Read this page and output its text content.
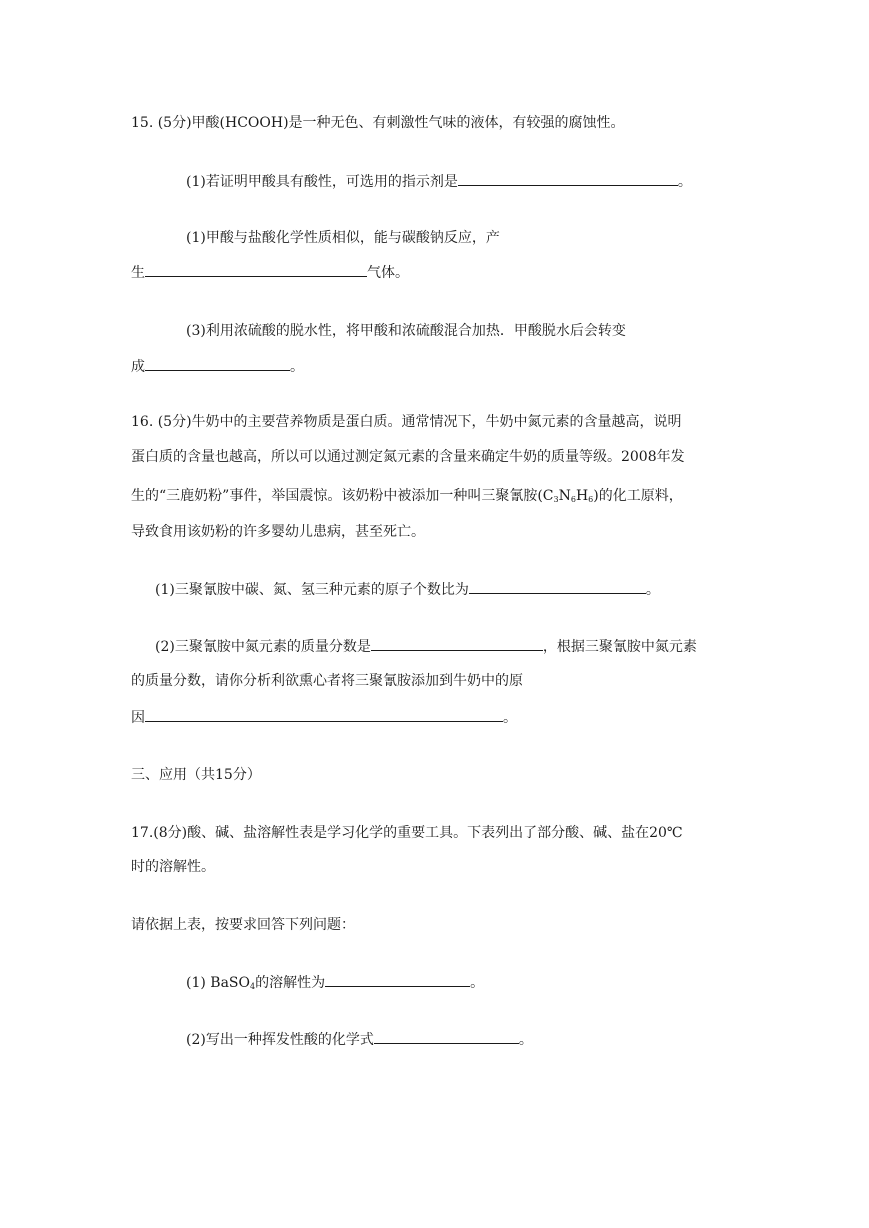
15. (5分)甲酸(HCOOH)是一种无色、有刺激性气味的液体，有较强的腐蚀性。
(1)若证明甲酸具有酸性，可选用的指示剂是	。
(1)甲酸与盐酸化学性质相似，能与碳酸钠反应，产
生	气体。
(3)利用浓硫酸的脱水性，将甲酸和浓硫酸混合加热．甲酸脱水后会转变
成	。
16. (5分)牛奶中的主要营养物质是蛋白质。通常情况下，牛奶中氮元素的含量越高，说明
蛋白质的含量也越高，所以可以通过测定氮元素的含量来确定牛奶的质量等级。2008年发
生的“三鹿奶粉”事件，举国震惊。该奶粉中被添加一种叫三聚氰胺$(C_3N_6H_6)$的化工原料，
导致食用该奶粉的许多婴幼儿患病，甚至死亡。
(1)三聚氰胺中碳、氮、氢三种元素的原子个数比为	。
(2)三聚氰胺中氮元素的质量分数是	，根据三聚氰胺中氮元素
的质量分数，请你分析利欲熏心者将三聚氰胺添加到牛奶中的原
因	。
三、应用（共15分）
17.(8分)酸、碱、盐溶解性表是学习化学的重要工具。下表列出了部分酸、碱、盐在20℃
时的溶解性。
请依据上表，按要求回答下列问题：
(1) BaSO$_4$的溶解性为	。
(2)写出一种挥发性酸的化学式	。
